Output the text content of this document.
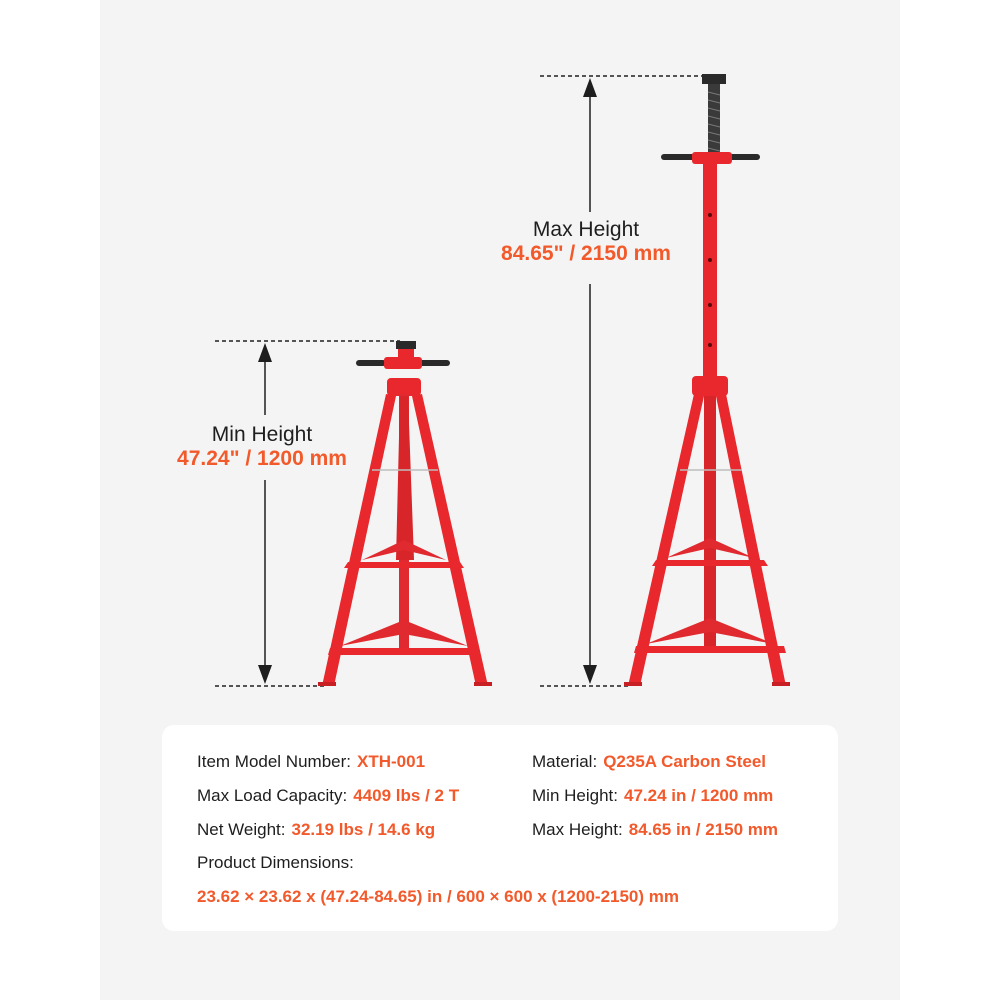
Min Height
47.24" / 1200 mm
Max Height
84.65" / 2150 mm
Item Model Number: XTH-001
Max Load Capacity: 4409 lbs / 2 T
Net Weight: 32.19 lbs / 14.6 kg
Material: Q235A Carbon Steel
Min Height: 47.24 in / 1200 mm
Max Height: 84.65 in / 2150 mm
Product Dimensions:
23.62 × 23.62 x (47.24-84.65) in / 600 × 600 x (1200-2150) mm
